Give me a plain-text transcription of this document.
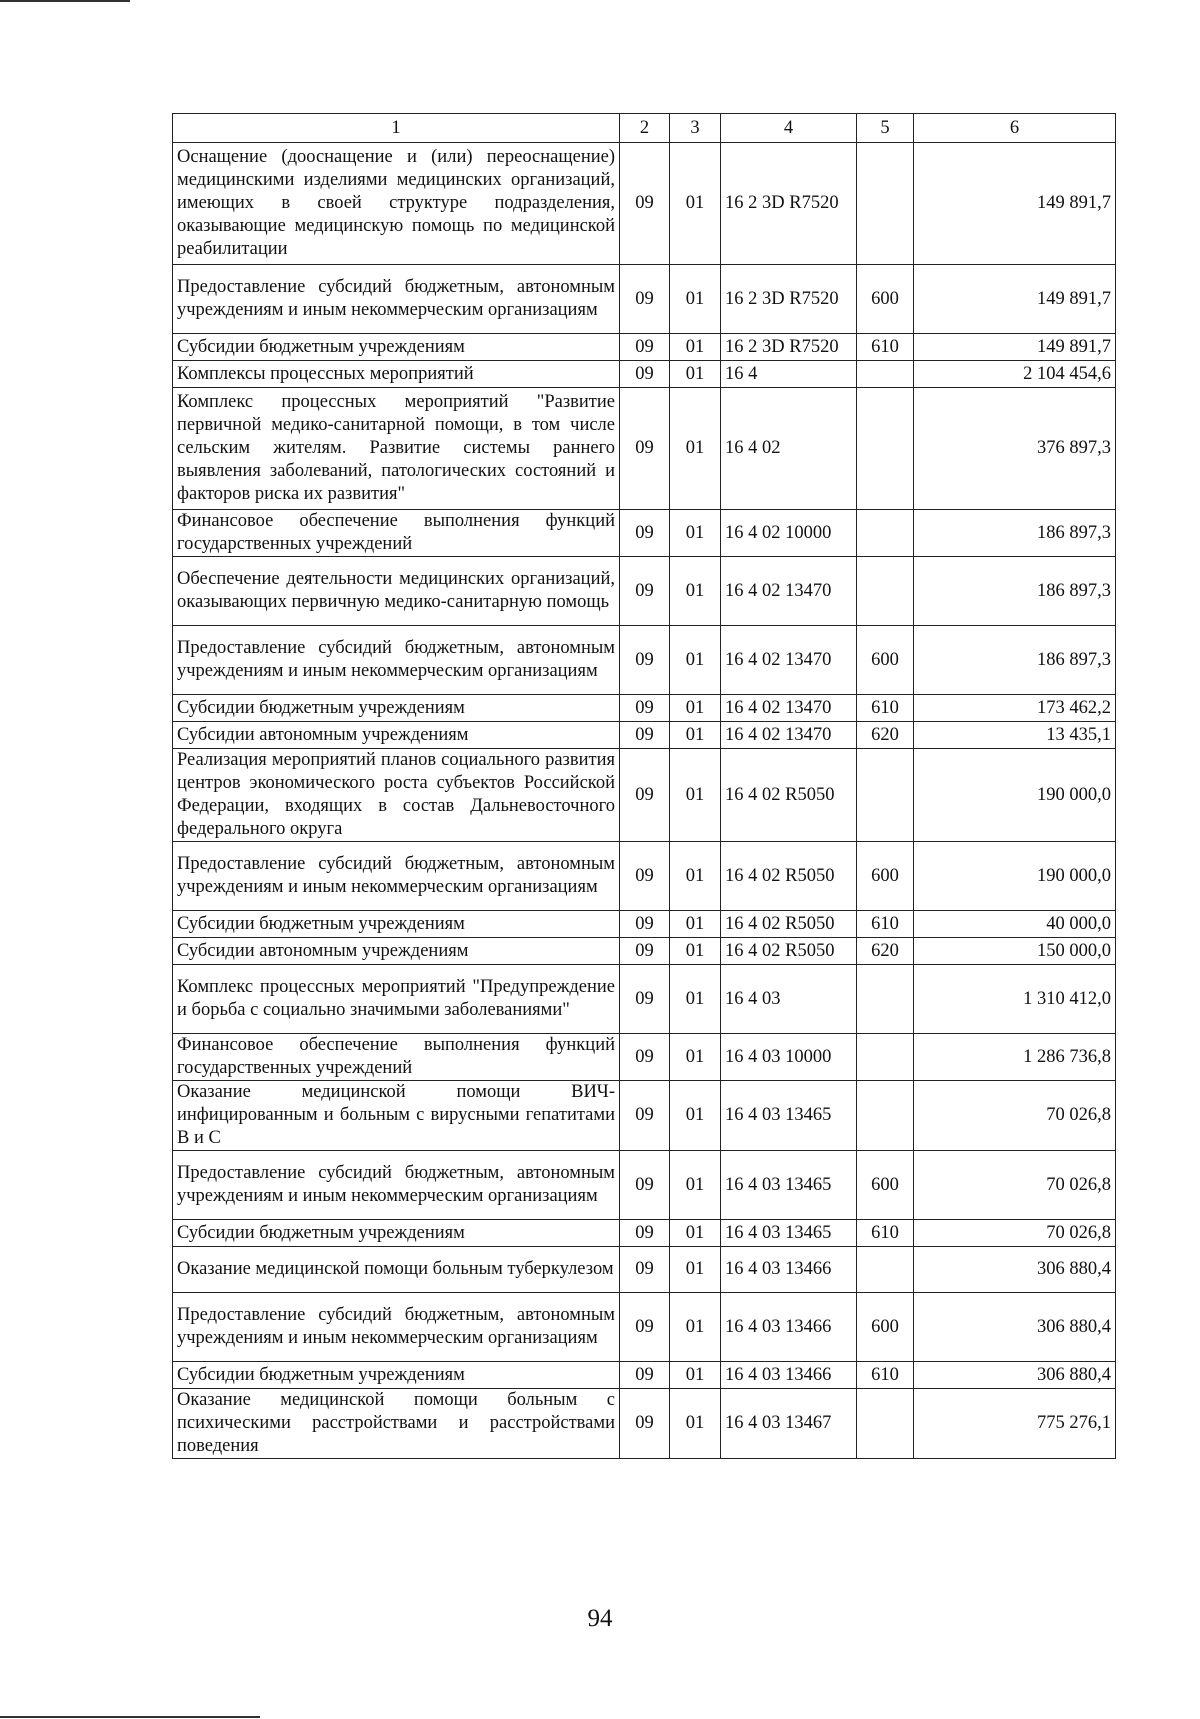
1	2	3	4	5	6
Оснащение (дооснащение и (или) переоснащение) медицинскими изделиями медицинских организаций, имеющих в своей структуре подразделения, оказывающие медицинскую помощь по медицинской реабилитации	09	01	16 2 3D R7520		149 891,7
Предоставление субсидий бюджетным, автономным учреждениям и иным некоммерческим организациям	09	01	16 2 3D R7520	600	149 891,7
Субсидии бюджетным учреждениям	09	01	16 2 3D R7520	610	149 891,7
Комплексы процессных мероприятий	09	01	16 4		2 104 454,6
Комплекс процессных мероприятий "Развитие первичной медико-санитарной помощи, в том числе сельским жителям. Развитие системы раннего выявления заболеваний, патологических состояний и факторов риска их развития"	09	01	16 4 02		376 897,3
Финансовое обеспечение выполнения функций государственных учреждений	09	01	16 4 02 10000		186 897,3
Обеспечение деятельности медицинских организаций, оказывающих первичную медико-санитарную помощь	09	01	16 4 02 13470		186 897,3
Предоставление субсидий бюджетным, автономным учреждениям и иным некоммерческим организациям	09	01	16 4 02 13470	600	186 897,3
Субсидии бюджетным учреждениям	09	01	16 4 02 13470	610	173 462,2
Субсидии автономным учреждениям	09	01	16 4 02 13470	620	13 435,1
Реализация мероприятий планов социального развития центров экономического роста субъектов Российской Федерации, входящих в состав Дальневосточного федерального округа	09	01	16 4 02 R5050		190 000,0
Предоставление субсидий бюджетным, автономным учреждениям и иным некоммерческим организациям	09	01	16 4 02 R5050	600	190 000,0
Субсидии бюджетным учреждениям	09	01	16 4 02 R5050	610	40 000,0
Субсидии автономным учреждениям	09	01	16 4 02 R5050	620	150 000,0
Комплекс процессных мероприятий "Предупреждение и борьба с социально значимыми заболеваниями"	09	01	16 4 03		1 310 412,0
Финансовое обеспечение выполнения функций государственных учреждений	09	01	16 4 03 10000		1 286 736,8
Оказание медицинской помощи ВИЧ-инфицированным и больным с вирусными гепатитами В и С	09	01	16 4 03 13465		70 026,8
Предоставление субсидий бюджетным, автономным учреждениям и иным некоммерческим организациям	09	01	16 4 03 13465	600	70 026,8
Субсидии бюджетным учреждениям	09	01	16 4 03 13465	610	70 026,8
Оказание медицинской помощи больным туберкулезом	09	01	16 4 03 13466		306 880,4
Предоставление субсидий бюджетным, автономным учреждениям и иным некоммерческим организациям	09	01	16 4 03 13466	600	306 880,4
Субсидии бюджетным учреждениям	09	01	16 4 03 13466	610	306 880,4
Оказание медицинской помощи больным с психическими расстройствами и расстройствами поведения	09	01	16 4 03 13467		775 276,1
94
